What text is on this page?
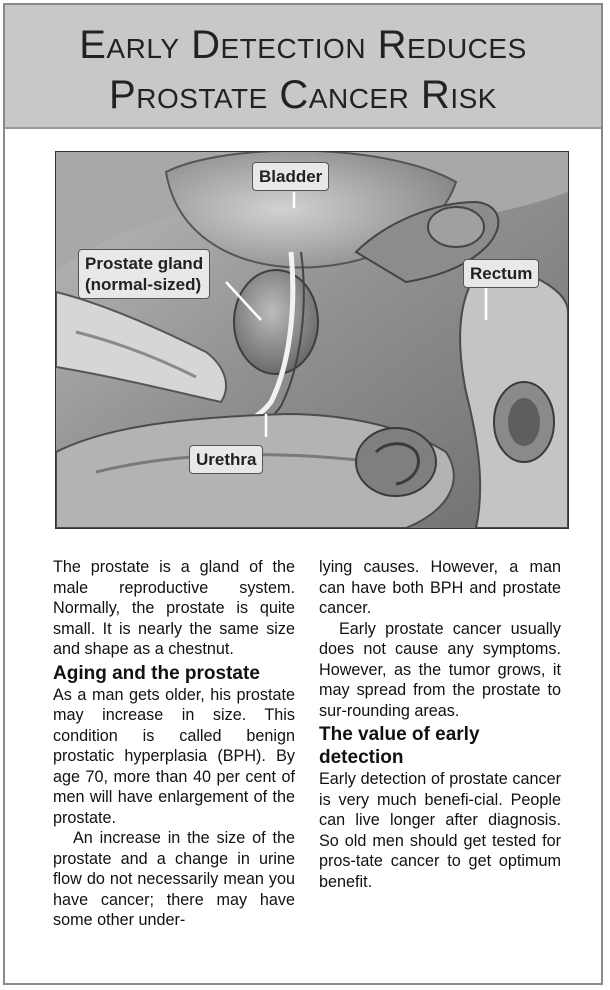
Early Detection Reduces
Prostate Cancer Risk
Bladder
Prostate gland
(normal-sized)
Rectum
Urethra

The prostate is a gland of the male reproductive system. Normally, the prostate is quite small. It is nearly the same size and shape as a chestnut.

Aging and the prostate

As a man gets older, his prostate may increase in size. This condition is called benign prostatic hyperplasia (BPH). By age 70, more than 40 per cent of men will have enlargement of the prostate.

An increase in the size of the prostate and a change in urine flow do not necessarily mean you have cancer; there may have some other under-

lying causes. However, a man can have both BPH and prostate cancer.

Early prostate cancer usually does not cause any symptoms. However, as the tumor grows, it may spread from the prostate to sur-rounding areas.

The value of early detection

Early detection of prostate cancer is very much benefi-cial. People can live longer after diagnosis. So old men should get tested for pros-tate cancer to get optimum benefit.
